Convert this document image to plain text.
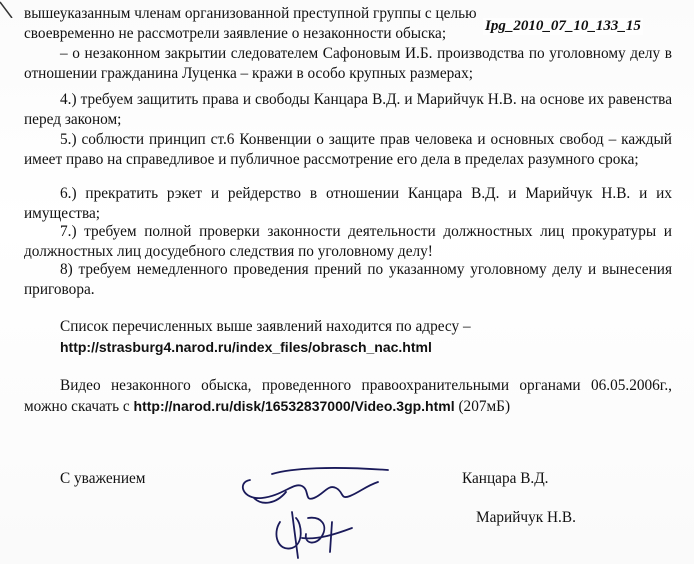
вышеуказанным членам организованной преступной группы с целью
своевременно не рассмотрели заявление о незаконности обыска;
– о незаконном закрытии следователем Сафоновым И.Б. производства по уголовному делу в отношении гражданина Луценка – кражи в особо крупных размерах;
4.) требуем защитить права и свободы Канцара В.Д. и Марийчук Н.В. на основе их равенства перед законом;
5.) соблюсти принцип ст.6 Конвенции о защите прав человека и основных свобод – каждый имеет право на справедливое и публичное рассмотрение его дела в пределах разумного срока;
6.) прекратить рэкет и рейдерство в отношении Канцара В.Д. и Марийчук Н.В. и их имущества;
7.) требуем полной проверки законности деятельности должностных лиц прокуратуры и должностных лиц досудебного следствия по уголовному делу!
8) требуем немедленного проведения прений по указанному уголовному делу и вынесения приговора.
Список перечисленных выше заявлений находится по адресу –
http://strasburg4.narod.ru/index_files/obrasch_nac.html
Видео незаконного обыска, проведенного правоохранительными органами 06.05.2006г., можно скачать с http://narod.ru/disk/16532837000/Video.3gp.html (207мБ)
С уважением	Канцара В.Д.
Марийчук Н.В.
Ipg_2010_07_10_133_15
